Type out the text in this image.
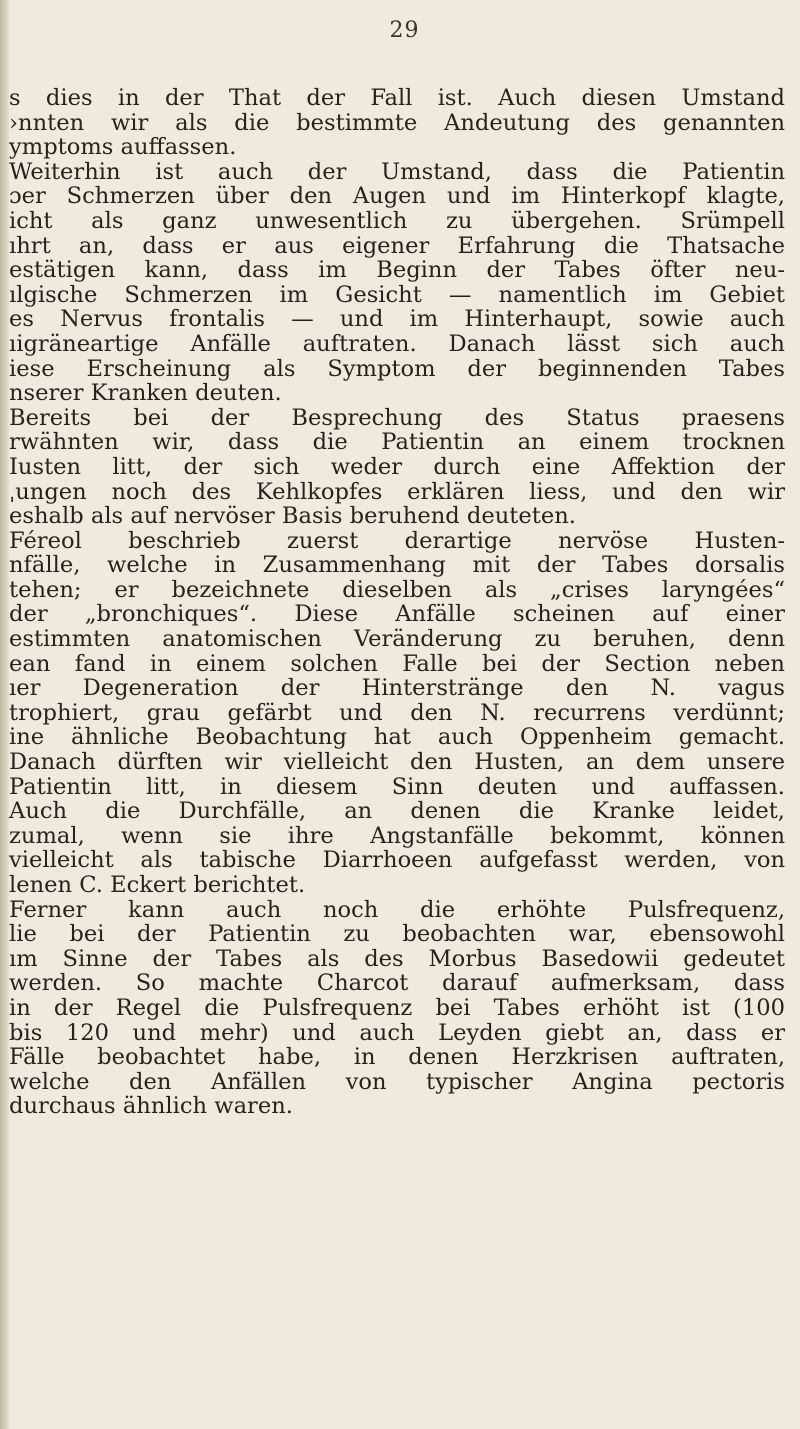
29
s dies in der That der Fall ist. Auch diesen Umstand
›nnten wir als die bestimmte Andeutung des genannten
ymptoms auffassen.
Weiterhin ist auch der Umstand, dass die Patientin
ɔer Schmerzen über den Augen und im Hinterkopf klagte,
icht als ganz unwesentlich zu übergehen. Srümpell
ıhrt an, dass er aus eigener Erfahrung die Thatsache
estätigen kann, dass im Beginn der Tabes öfter neu-
ılgische Schmerzen im Gesicht — namentlich im Gebiet
es Nervus frontalis — und im Hinterhaupt, sowie auch
ıigräneartige Anfälle auftraten. Danach lässt sich auch
iese Erscheinung als Symptom der beginnenden Tabes
nserer Kranken deuten.
Bereits bei der Besprechung des Status praesens
rwähnten wir, dass die Patientin an einem trocknen
Iusten litt, der sich weder durch eine Affektion der
ˌungen noch des Kehlkopfes erklären liess, und den wir
eshalb als auf nervöser Basis beruhend deuteten.
Féreol beschrieb zuerst derartige nervöse Husten-
nfälle, welche in Zusammenhang mit der Tabes dorsalis
tehen; er bezeichnete dieselben als „crises laryngées“
der „bronchiques“. Diese Anfälle scheinen auf einer
estimmten anatomischen Veränderung zu beruhen, denn
ean fand in einem solchen Falle bei der Section neben
ıer Degeneration der Hinterstränge den N. vagus
trophiert, grau gefärbt und den N. recurrens verdünnt;
ine ähnliche Beobachtung hat auch Oppenheim gemacht.
Danach dürften wir vielleicht den Husten, an dem unsere
Patientin litt, in diesem Sinn deuten und auffassen.
Auch die Durchfälle, an denen die Kranke leidet,
zumal, wenn sie ihre Angstanfälle bekommt, können
vielleicht als tabische Diarrhoeen aufgefasst werden, von
lenen C. Eckert berichtet.
Ferner kann auch noch die erhöhte Pulsfrequenz,
lie bei der Patientin zu beobachten war, ebensowohl
ım Sinne der Tabes als des Morbus Basedowii gedeutet
werden. So machte Charcot darauf aufmerksam, dass
in der Regel die Pulsfrequenz bei Tabes erhöht ist (100
bis 120 und mehr) und auch Leyden giebt an, dass er
Fälle beobachtet habe, in denen Herzkrisen auftraten,
welche den Anfällen von typischer Angina pectoris
durchaus ähnlich waren.
